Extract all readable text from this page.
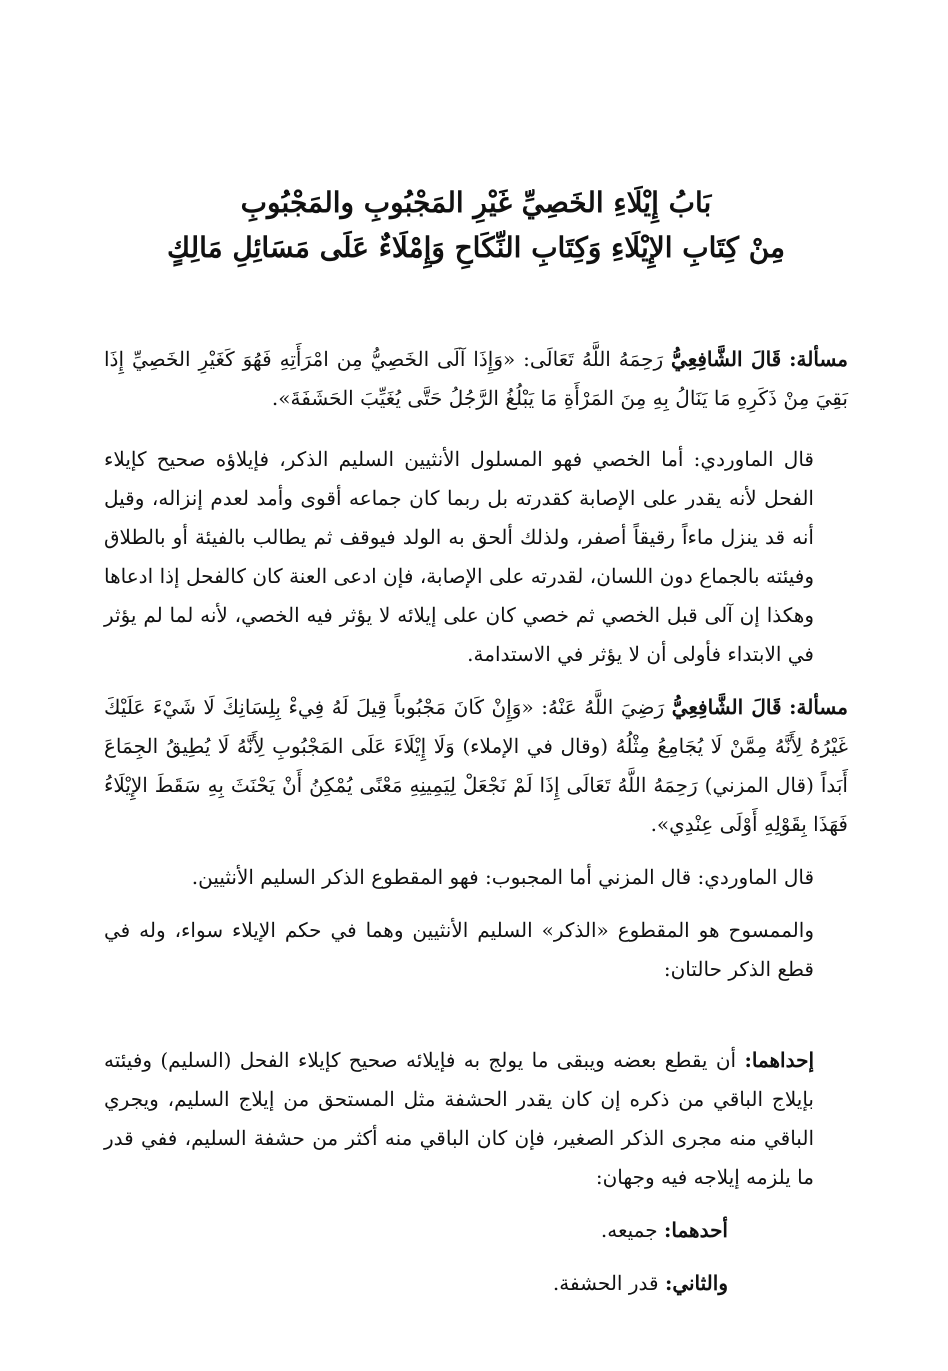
بَابُ إِيْلَاءِ الخَصِيِّ غَيْرِ المَجْبُوبِ والمَجْبُوبِ
مِنْ كِتَابِ الإِيْلَاءِ وَكِتَابِ النِّكَاحِ وَإِمْلَاءٌ عَلَى مَسَائِلِ مَالِكٍ

مسألة: قَالَ الشَّافِعِيُّ رَحِمَهُ اللَّهُ تَعَالَى: «وَإِذَا آلَى الخَصِيُّ مِن امْرَأَتِهِ فَهُوَ كَغَيْرِ الخَصِيِّ إِذَا بَقِيَ مِنْ ذَكَرِهِ مَا يَنَالُ بِهِ مِنَ المَرْأَةِ مَا يَبْلُغُ الرَّجُلُ حَتَّى يُغَيِّبَ الحَشَفَةَ».

قال الماوردي: أما الخصي فهو المسلول الأنثيين السليم الذكر، فإيلاؤه صحيح كإيلاء الفحل لأنه يقدر على الإصابة كقدرته بل ربما كان جماعه أقوى وأمد لعدم إنزاله، وقيل أنه قد ينزل ماءاً رقيقاً أصفر، ولذلك ألحق به الولد فيوقف ثم يطالب بالفيئة أو بالطلاق وفيئته بالجماع دون اللسان، لقدرته على الإصابة، فإن ادعى العنة كان كالفحل إذا ادعاها وهكذا إن آلى قبل الخصي ثم خصي كان على إيلائه لا يؤثر فيه الخصي، لأنه لما لم يؤثر في الابتداء فأولى أن لا يؤثر في الاستدامة.

مسألة: قَالَ الشَّافِعِيُّ رَضِيَ اللَّهُ عَنْهُ: «وَإِنْ كَانَ مَجْبُوباً قِيلَ لَهُ فِيءْ بِلِسَانِكَ لَا شَيْءَ عَلَيْكَ غَيْرُهُ لِأَنَّهُ مِمَّنْ لَا يُجَامِعُ مِثْلُهُ (وقال في الإملاء) وَلَا إِيْلَاءَ عَلَى المَجْبُوبِ لِأَنَّهُ لَا يُطِيقُ الجِمَاعَ أَبَداً (قال المزني) رَحِمَهُ اللَّهُ تَعَالَى إِذَا لَمْ نَجْعَلْ لِيَمِينِهِ مَعْنًى يُمْكِنُ أَنْ يَحْنَثَ بِهِ سَقَطَ الإِيْلَاءُ فَهَذَا بِقَوْلِهِ أَوْلَى عِنْدِي».

قال الماوردي: قال المزني أما المجبوب: فهو المقطوع الذكر السليم الأنثيين.

والممسوح هو المقطوع «الذكر» السليم الأنثيين وهما في حكم الإيلاء سواء، وله في قطع الذكر حالتان:

إحداهما: أن يقطع بعضه ويبقى ما يولج به فإيلائه صحيح كإيلاء الفحل (السليم) وفيئته بإيلاج الباقي من ذكره إن كان يقدر الحشفة مثل المستحق من إيلاج السليم، ويجري الباقي منه مجرى الذكر الصغير، فإن كان الباقي منه أكثر من حشفة السليم، ففي قدر ما يلزمه إيلاجه فيه وجهان:

أحدهما: جميعه.

والثاني: قدر الحشفة.
